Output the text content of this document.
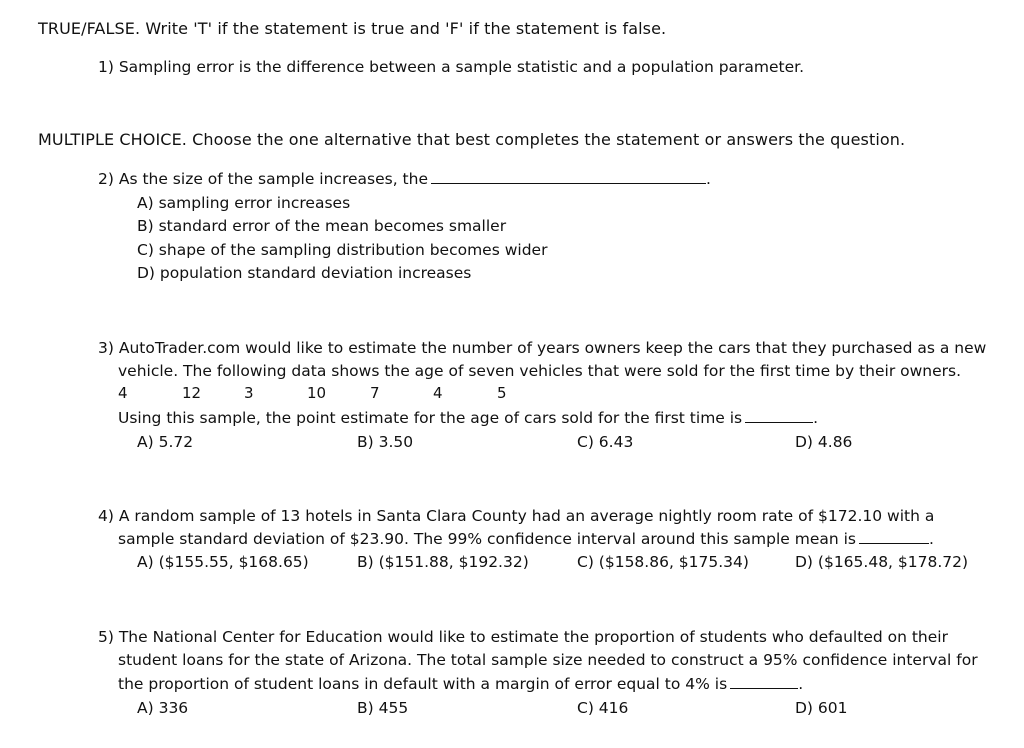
TRUE/FALSE. Write 'T' if the statement is true and 'F' if the statement is false.
1) Sampling error is the difference between a sample statistic and a population parameter.
MULTIPLE CHOICE. Choose the one alternative that best completes the statement or answers the question.
2) As the size of the sample increases, the	.
A) sampling error increases
B) standard error of the mean becomes smaller
C) shape of the sampling distribution becomes wider
D) population standard deviation increases
3) AutoTrader.com would like to estimate the number of years owners keep the cars that they purchased as a new
vehicle. The following data shows the age of seven vehicles that were sold for the first time by their owners.
4	12	3	10	7	4	5
Using this sample, the point estimate for the age of cars sold for the first time is	.
A) 5.72	B) 3.50	C) 6.43	D) 4.86
4) A random sample of 13 hotels in Santa Clara County had an average nightly room rate of $172.10 with a
sample standard deviation of $23.90. The 99% confidence interval around this sample mean is	.
A) ($155.55, $168.65)	B) ($151.88, $192.32)	C) ($158.86, $175.34)	D) ($165.48, $178.72)
5) The National Center for Education would like to estimate the proportion of students who defaulted on their
student loans for the state of Arizona. The total sample size needed to construct a 95% confidence interval for
the proportion of student loans in default with a margin of error equal to 4% is	.
A) 336	B) 455	C) 416	D) 601
